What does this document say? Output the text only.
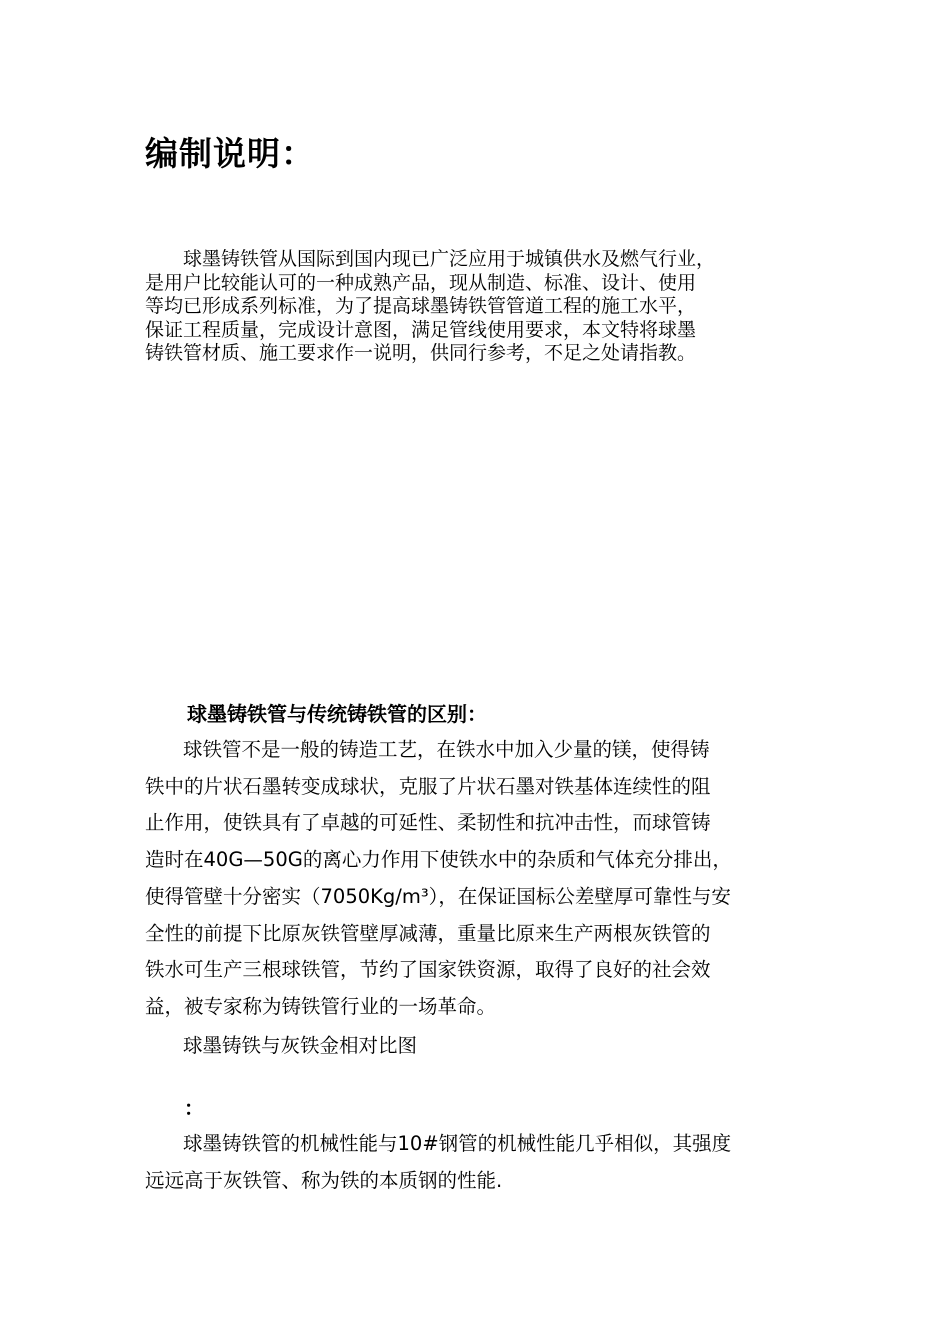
编制说明：

球墨铸铁管从国际到国内现已广泛应用于城镇供水及燃气行业，
是用户比较能认可的一种成熟产品，现从制造、标准、设计、使用
等均已形成系列标准，为了提高球墨铸铁管管道工程的施工水平，
保证工程质量，完成设计意图，满足管线使用要求，本文特将球墨
铸铁管材质、施工要求作一说明，供同行参考，不足之处请指教。

球墨铸铁管与传统铸铁管的区别：
球铁管不是一般的铸造工艺，在铁水中加入少量的镁，使得铸
铁中的片状石墨转变成球状，克服了片状石墨对铁基体连续性的阻
止作用，使铁具有了卓越的可延性、柔韧性和抗冲击性，而球管铸
造时在40G—50G的离心力作用下使铁水中的杂质和气体充分排出，
使得管壁十分密实（7050Kg/m³），在保证国标公差壁厚可靠性与安
全性的前提下比原灰铁管壁厚减薄，重量比原来生产两根灰铁管的
铁水可生产三根球铁管，节约了国家铁资源，取得了良好的社会效
益，被专家称为铸铁管行业的一场革命。
球墨铸铁与灰铁金相对比图
：
球墨铸铁管的机械性能与10#钢管的机械性能几乎相似，其强度
远远高于灰铁管、称为铁的本质钢的性能.
